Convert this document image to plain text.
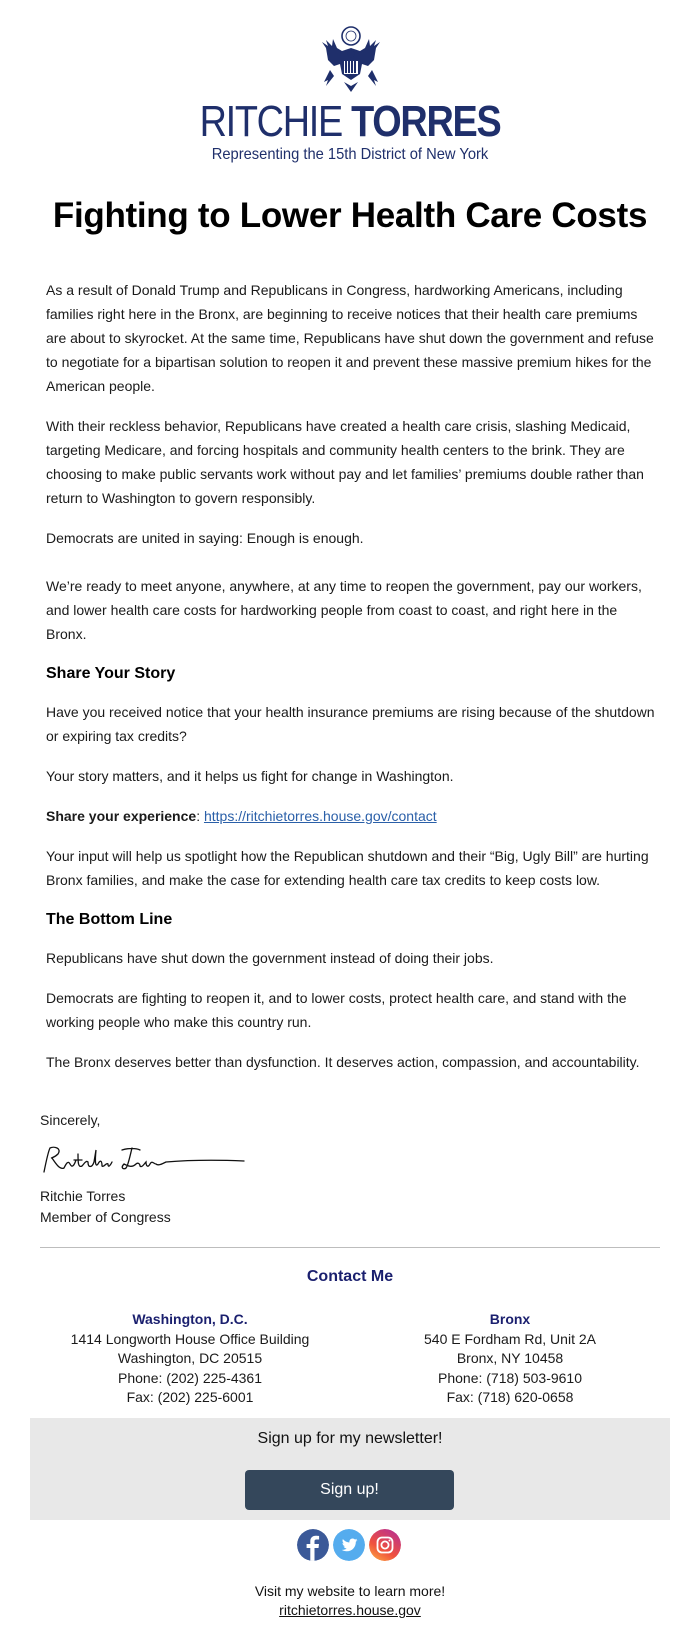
RITCHIE TORRES
Representing the 15th District of New York
Fighting to Lower Health Care Costs

As a result of Donald Trump and Republicans in Congress, hardworking Americans, including families right here in the Bronx, are beginning to receive notices that their health care premiums are about to skyrocket. At the same time, Republicans have shut down the government and refuse to negotiate for a bipartisan solution to reopen it and prevent these massive premium hikes for the American people.

With their reckless behavior, Republicans have created a health care crisis, slashing Medicaid, targeting Medicare, and forcing hospitals and community health centers to the brink. They are choosing to make public servants work without pay and let families’ premiums double rather than return to Washington to govern responsibly.

Democrats are united in saying: Enough is enough.

We’re ready to meet anyone, anywhere, at any time to reopen the government, pay our workers, and lower health care costs for hardworking people from coast to coast, and right here in the Bronx.

Share Your Story

Have you received notice that your health insurance premiums are rising because of the shutdown or expiring tax credits?

Your story matters, and it helps us fight for change in Washington.

Share your experience: https://ritchietorres.house.gov/contact

Your input will help us spotlight how the Republican shutdown and their “Big, Ugly Bill” are hurting Bronx families, and make the case for extending health care tax credits to keep costs low.

The Bottom Line

Republicans have shut down the government instead of doing their jobs.

Democrats are fighting to reopen it, and to lower costs, protect health care, and stand with the working people who make this country run.

The Bronx deserves better than dysfunction. It deserves action, compassion, and accountability.

Sincerely,
Ritchie Torres
Member of Congress
Contact Me
Washington, D.C.
1414 Longworth House Office Building
Washington, DC 20515
Phone: (202) 225-4361
Fax: (202) 225-6001
Bronx
540 E Fordham Rd, Unit 2A
Bronx, NY 10458
Phone: (718) 503-9610
Fax: (718) 620-0658
Sign up for my newsletter!
Sign up!
Visit my website to learn more!
ritchietorres.house.gov
